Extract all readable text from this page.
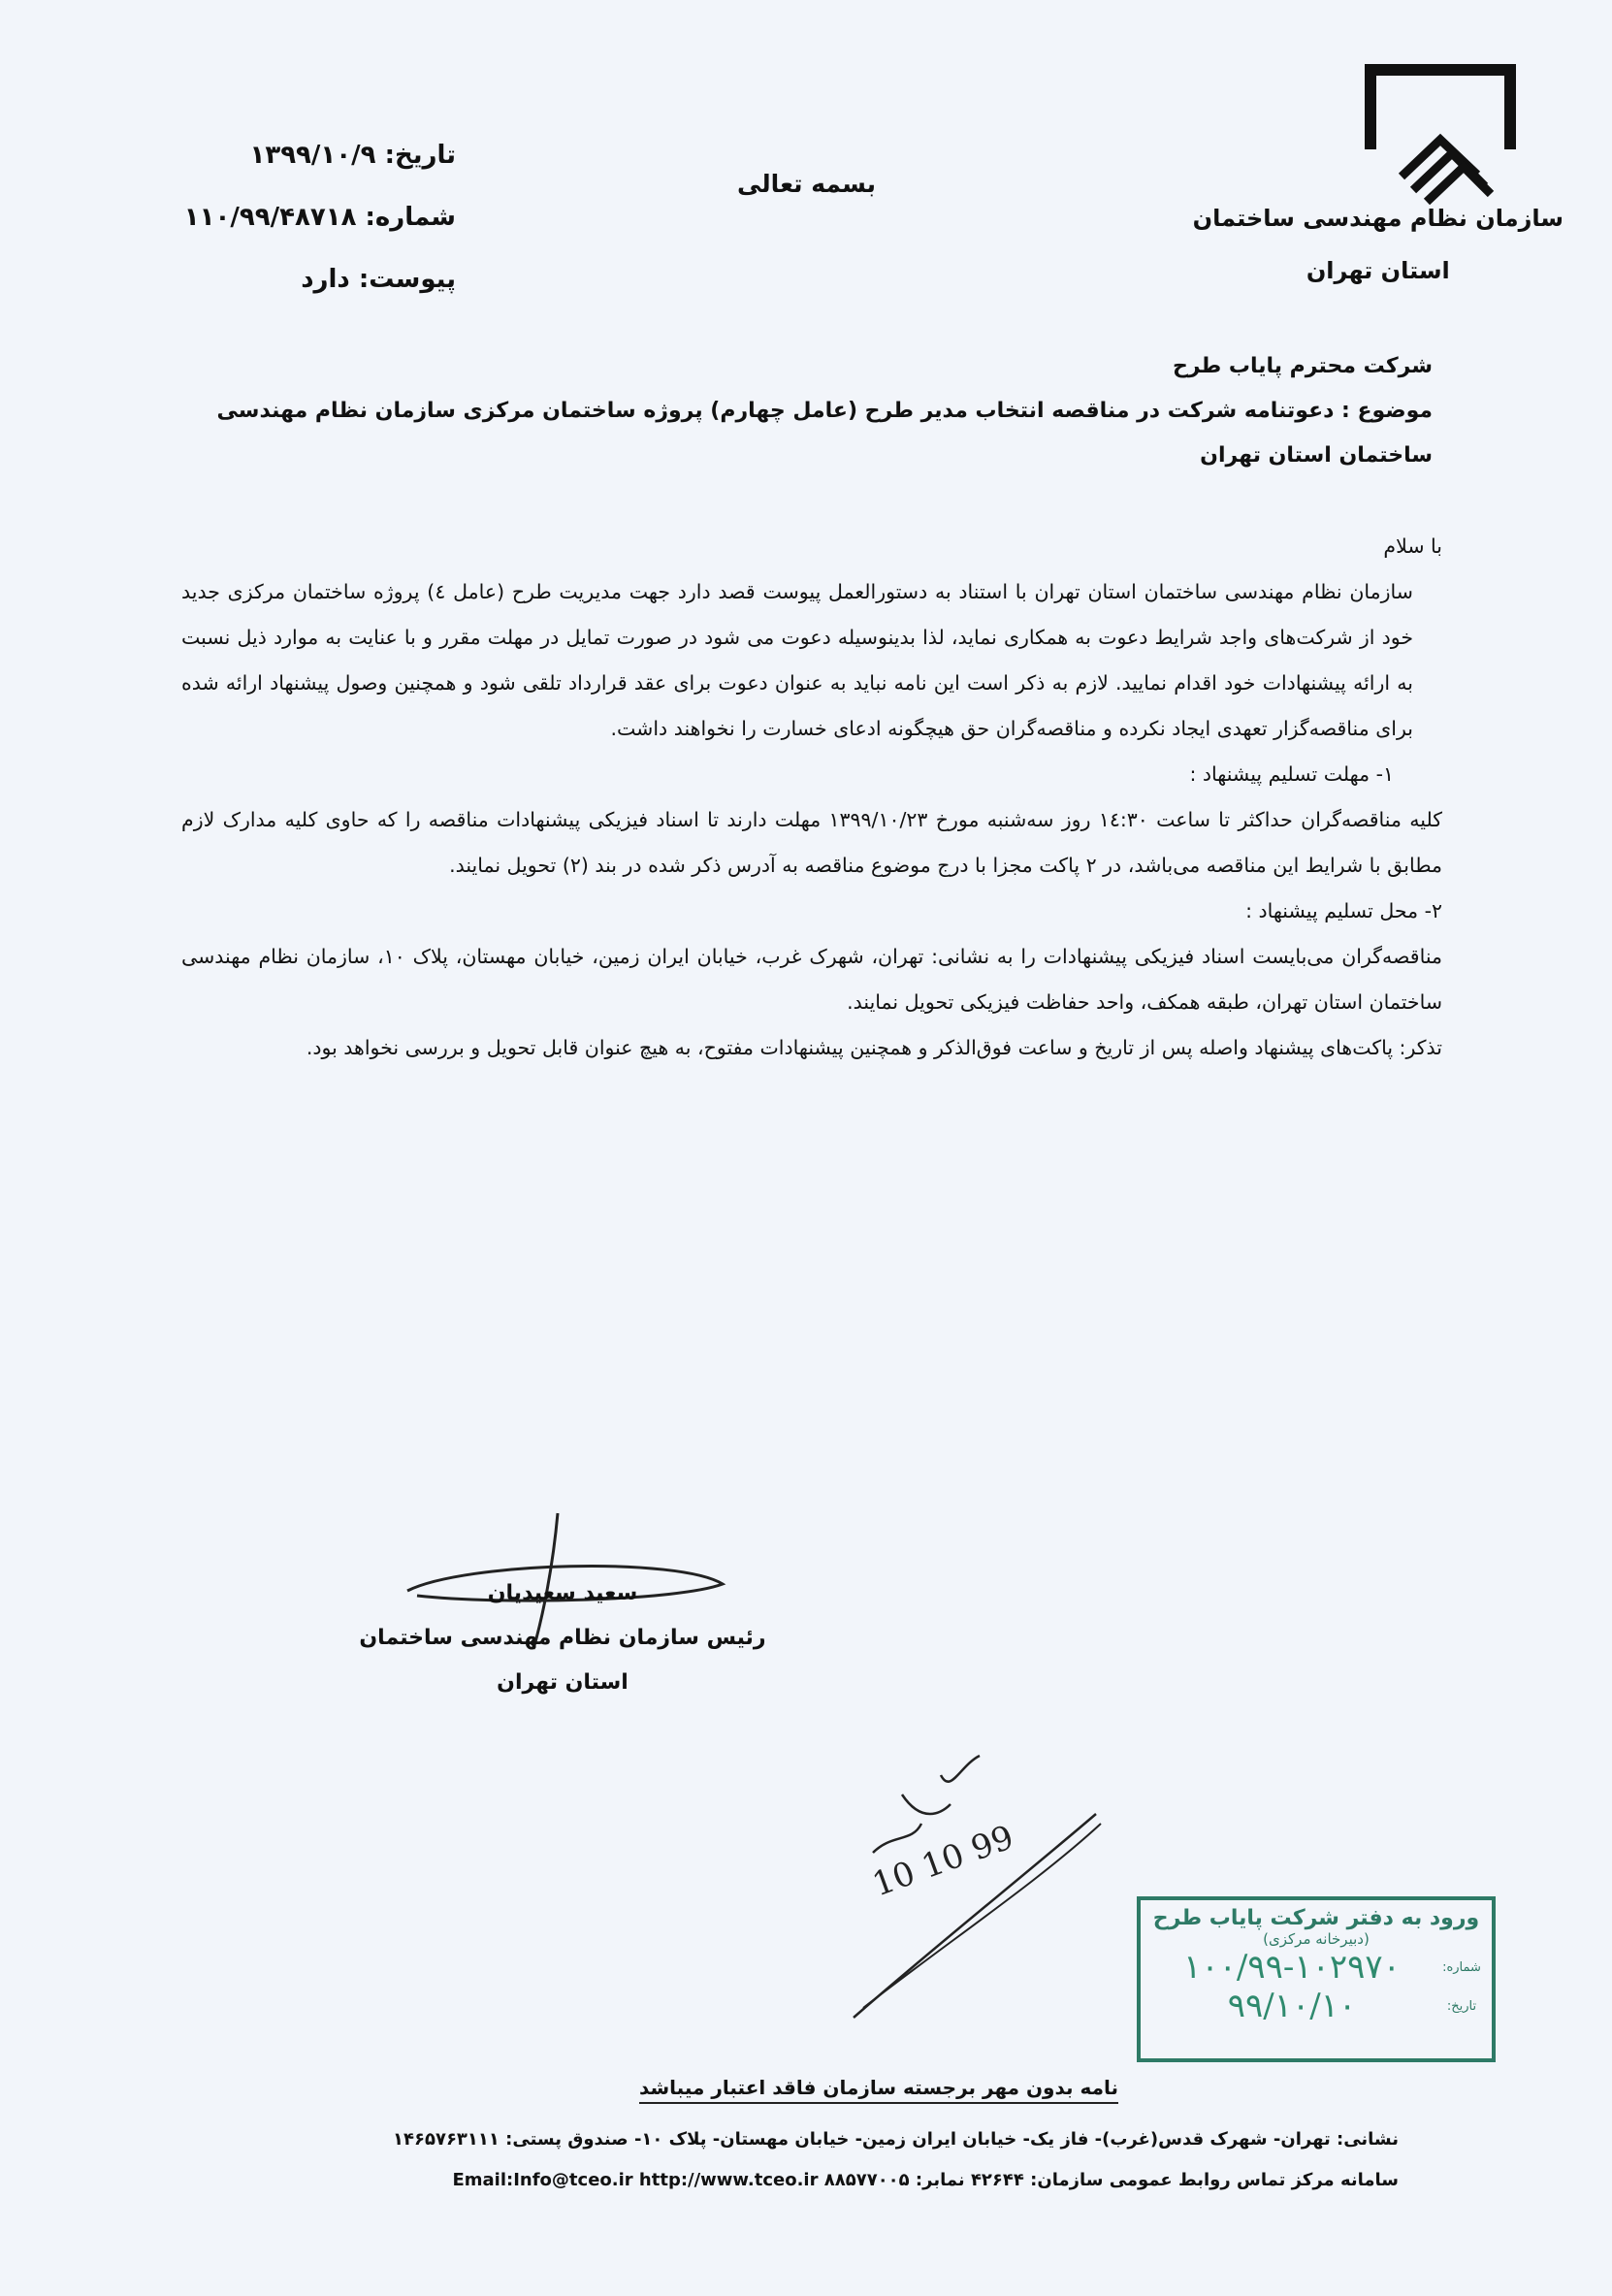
سازمان نظام مهندسی ساختمان
استان تهران
بسمه تعالی
تاریخ: ۱۳۹۹/۱۰/۹
شماره: ۱۱۰/۹۹/۴۸۷۱۸
پیوست: دارد
شرکت محترم پایاب طرح
موضوع : دعوتنامه شرکت در مناقصه انتخاب مدیر طرح (عامل چهارم) پروژه ساختمان مرکزی سازمان نظام مهندسی ساختمان استان تهران

با سلام

سازمان نظام مهندسی ساختمان استان تهران با استناد به دستورالعمل پیوست قصد دارد جهت مدیریت طرح (عامل ٤) پروژه ساختمان مرکزی جدید خود از شرکت‌های واجد شرایط دعوت به همکاری نماید، لذا بدینوسیله دعوت می شود در صورت تمایل در مهلت مقرر و با عنایت به موارد ذیل نسبت به ارائه پیشنهادات خود اقدام نمایید. لازم به ذکر است این نامه نباید به عنوان دعوت برای عقد قرارداد تلقی شود و همچنین وصول پیشنهاد ارائه شده برای مناقصه‌گزار تعهدی ایجاد نکرده و مناقصه‌گران حق هیچگونه ادعای خسارت را نخواهند داشت.

۱- مهلت تسلیم پیشنهاد :

کلیه مناقصه‌گران حداکثر تا ساعت ١٤:٣٠ روز سه‌شنبه مورخ ۱۳۹۹/۱۰/۲۳ مهلت دارند تا اسناد فیزیکی پیشنهادات مناقصه را که حاوی کلیه مدارک لازم مطابق با شرایط این مناقصه می‌باشد، در ۲ پاکت مجزا با درج موضوع مناقصه به آدرس ذکر شده در بند (۲) تحویل نمایند.

۲- محل تسلیم پیشنهاد :

مناقصه‌گران می‌بایست اسناد فیزیکی پیشنهادات را به نشانی: تهران، شهرک غرب، خیابان ایران زمین، خیابان مهستان، پلاک ۱۰، سازمان نظام مهندسی ساختمان استان تهران، طبقه همکف، واحد حفاظت فیزیکی تحویل نمایند.

تذکر: پاکت‌های پیشنهاد واصله پس از تاریخ و ساعت فوق‌الذکر و همچنین پیشنهادات مفتوح، به هیچ عنوان قابل تحویل و بررسی نخواهد بود.

سعید سعیدیان
رئیس سازمان نظام مهندسی ساختمان
استان تهران
10 10 99
ورود به دفتر شرکت پایاب طرح
(دبیرخانه مرکزی)
شماره:
۱۰۰/۹۹-۱۰۲۹۷۰
تاریخ:
۹۹/۱۰/۱۰
نامه بدون مهر برجسته سازمان فاقد اعتبار میباشد
نشانی: تهران- شهرک قدس(غرب)- فاز یک- خیابان ایران زمین- خیابان مهستان- پلاک ۱۰- صندوق پستی: ۱۴۶۵۷۶۳۱۱۱
سامانه مرکز تماس روابط عمومی سازمان: ۴۲۶۴۴ نمابر: ۸۸۵۷۷۰۰۵ Email:Info@tceo.ir http://www.tceo.ir
